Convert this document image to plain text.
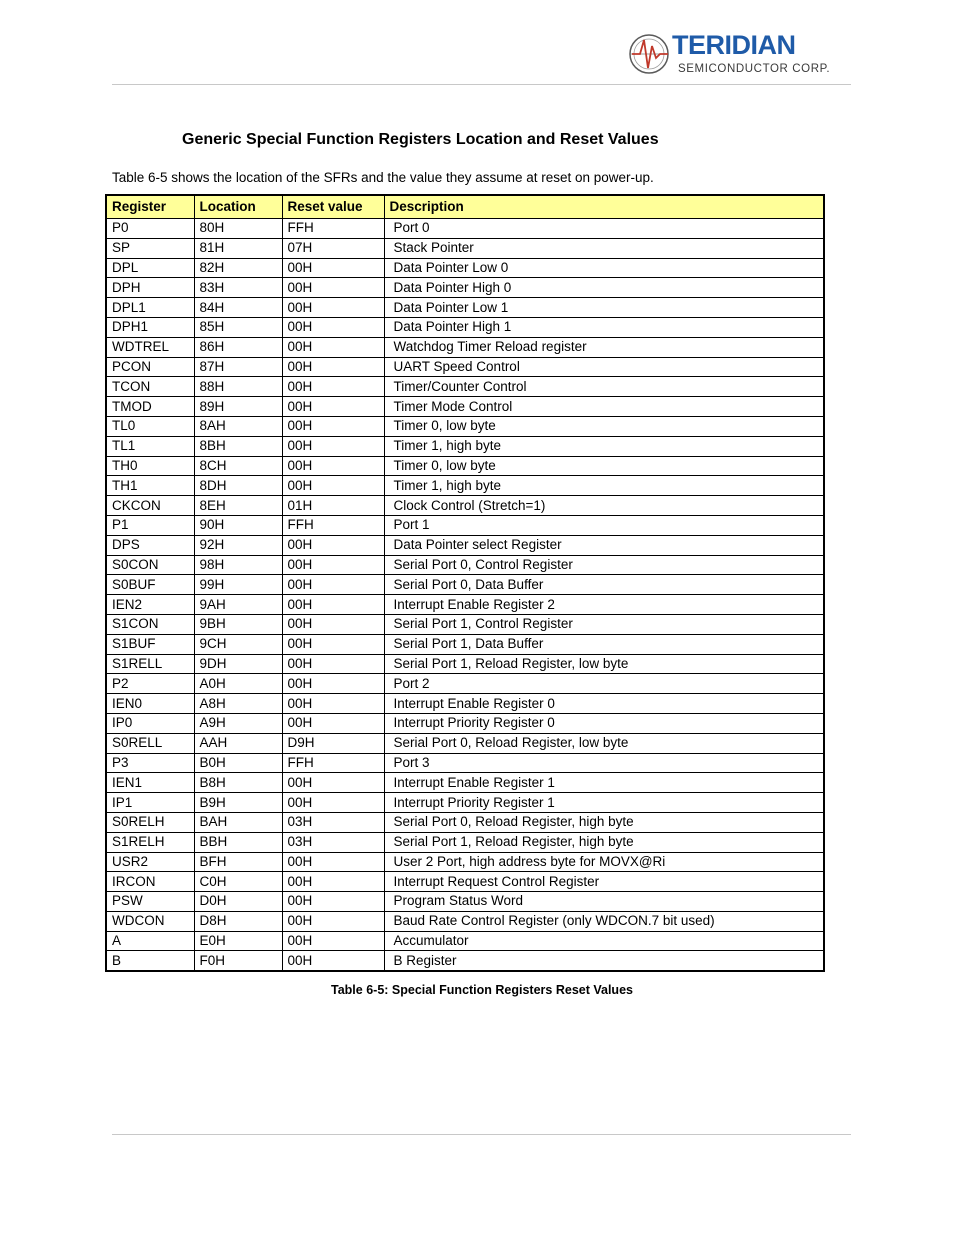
TERIDIAN
SEMICONDUCTOR CORP.
Generic Special Function Registers Location and Reset Values
Table 6-5 shows the location of the SFRs and the value they assume at reset on power-up.
Register	Location	Reset value	Description
P0	80H	FFH	Port 0
SP	81H	07H	Stack Pointer
DPL	82H	00H	Data Pointer Low 0
DPH	83H	00H	Data Pointer High 0
DPL1	84H	00H	Data Pointer Low 1
DPH1	85H	00H	Data Pointer High 1
WDTREL	86H	00H	Watchdog Timer Reload register
PCON	87H	00H	UART Speed Control
TCON	88H	00H	Timer/Counter Control
TMOD	89H	00H	Timer Mode Control
TL0	8AH	00H	Timer 0, low byte
TL1	8BH	00H	Timer 1, high byte
TH0	8CH	00H	Timer 0, low byte
TH1	8DH	00H	Timer 1, high byte
CKCON	8EH	01H	Clock Control (Stretch=1)
P1	90H	FFH	Port 1
DPS	92H	00H	Data Pointer select Register
S0CON	98H	00H	Serial Port 0, Control Register
S0BUF	99H	00H	Serial Port 0, Data Buffer
IEN2	9AH	00H	Interrupt Enable Register 2
S1CON	9BH	00H	Serial Port 1, Control Register
S1BUF	9CH	00H	Serial Port 1, Data Buffer
S1RELL	9DH	00H	Serial Port 1, Reload Register, low byte
P2	A0H	00H	Port 2
IEN0	A8H	00H	Interrupt Enable Register 0
IP0	A9H	00H	Interrupt Priority Register 0
S0RELL	AAH	D9H	Serial Port 0, Reload Register, low byte
P3	B0H	FFH	Port 3
IEN1	B8H	00H	Interrupt Enable Register 1
IP1	B9H	00H	Interrupt Priority Register 1
S0RELH	BAH	03H	Serial Port 0, Reload Register, high byte
S1RELH	BBH	03H	Serial Port 1, Reload Register, high byte
USR2	BFH	00H	User 2 Port, high address byte for MOVX@Ri
IRCON	C0H	00H	Interrupt Request Control Register
PSW	D0H	00H	Program Status Word
WDCON	D8H	00H	Baud Rate Control Register (only WDCON.7 bit used)
A	E0H	00H	Accumulator
B	F0H	00H	B Register
Table 6-5: Special Function Registers Reset Values
